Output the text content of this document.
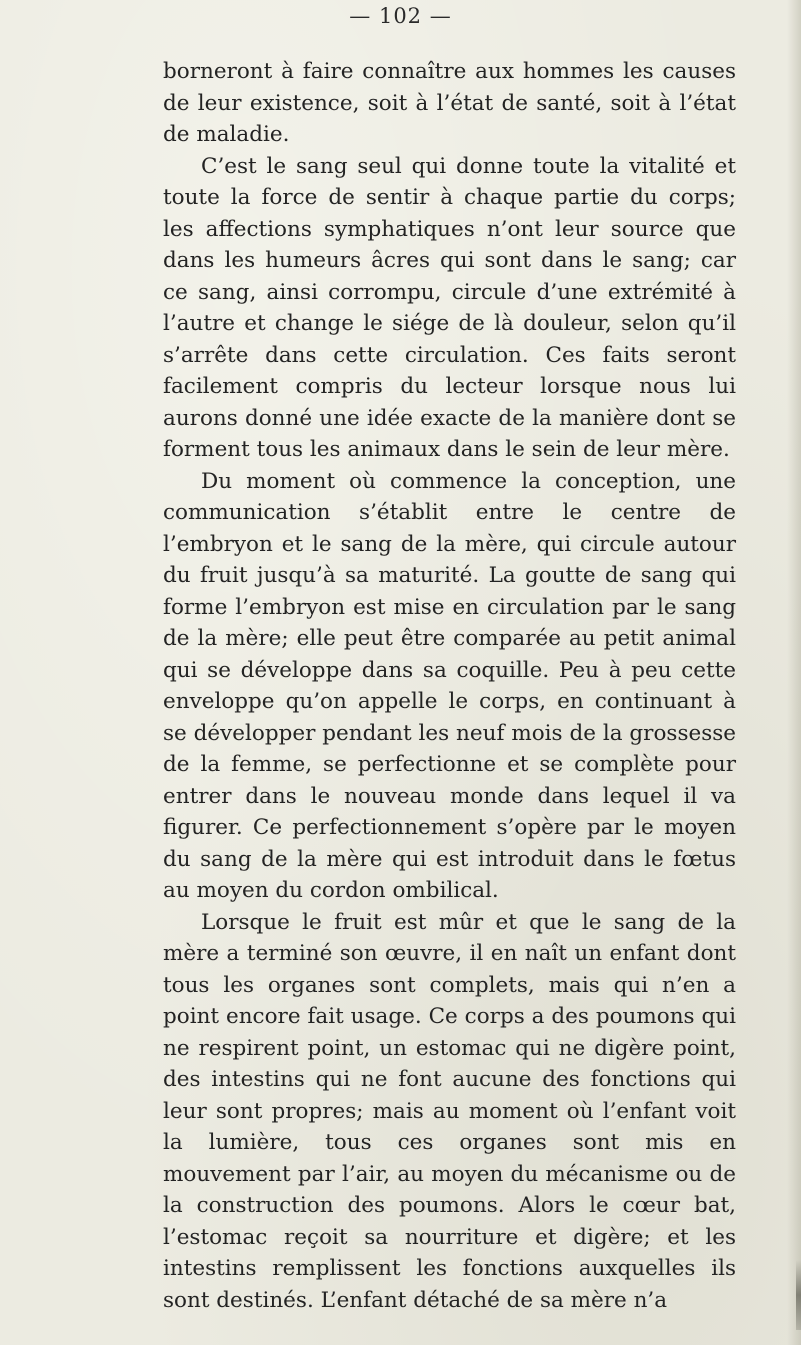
— 102 —

borneront à faire connaître aux hommes les causes de leur existence, soit à l’état de santé, soit à l’état de maladie.

C’est le sang seul qui donne toute la vitalité et toute la force de sentir à chaque partie du corps; les affections symphatiques n’ont leur source que dans les humeurs âcres qui sont dans le sang; car ce sang, ainsi corrompu, circule d’une extrémité à l’autre et change le siége de là douleur, selon qu’il s’arrête dans cette circulation. Ces faits seront facilement compris du lecteur lorsque nous lui aurons donné une idée exacte de la manière dont se forment tous les animaux dans le sein de leur mère.

Du moment où commence la conception, une communication s’établit entre le centre de l’embryon et le sang de la mère, qui circule autour du fruit jusqu’à sa maturité. La goutte de sang qui forme l’embryon est mise en circulation par le sang de la mère; elle peut être comparée au petit animal qui se développe dans sa coquille. Peu à peu cette enveloppe qu’on appelle le corps, en continuant à se développer pendant les neuf mois de la grossesse de la femme, se perfectionne et se complète pour entrer dans le nouveau monde dans lequel il va figurer. Ce perfectionnement s’opère par le moyen du sang de la mère qui est introduit dans le fœtus au moyen du cordon ombilical.

Lorsque le fruit est mûr et que le sang de la mère a terminé son œuvre, il en naît un enfant dont tous les organes sont complets, mais qui n’en a point encore fait usage. Ce corps a des poumons qui ne respirent point, un estomac qui ne digère point, des intestins qui ne font aucune des fonctions qui leur sont propres; mais au moment où l’enfant voit la lumière, tous ces organes sont mis en mouvement par l’air, au moyen du mécanisme ou de la construction des poumons. Alors le cœur bat, l’estomac reçoit sa nourriture et digère; et les intestins remplissent les fonctions auxquelles ils sont destinés. L’enfant détaché de sa mère n’a
